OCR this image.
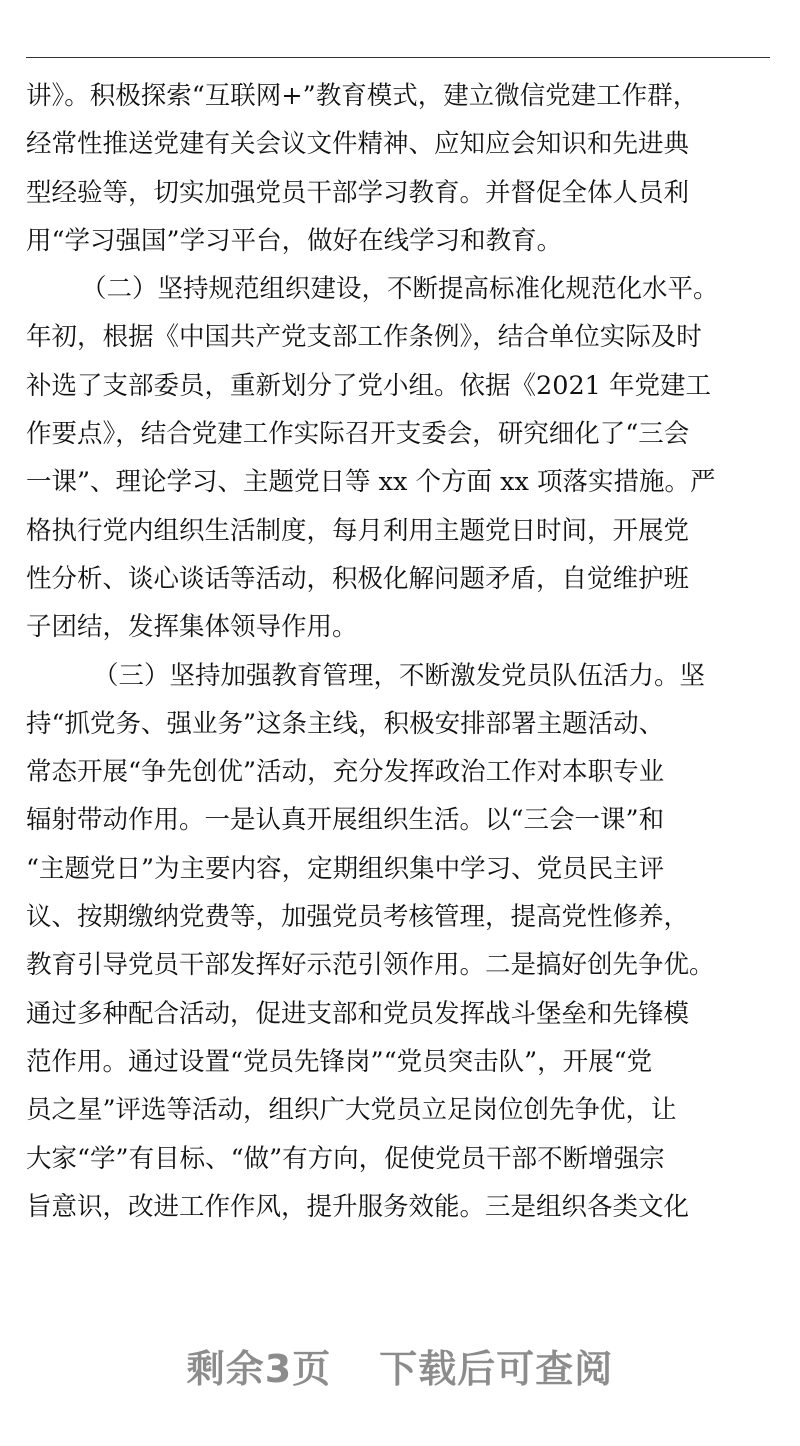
讲》。积极探索“互联网+”教育模式，建立微信党建工作群，
经常性推送党建有关会议文件精神、应知应会知识和先进典
型经验等，切实加强党员干部学习教育。并督促全体人员利
用“学习强国”学习平台，做好在线学习和教育。
（二）坚持规范组织建设，不断提高标准化规范化水平。
年初，根据《中国共产党支部工作条例》，结合单位实际及时
补选了支部委员，重新划分了党小组。依据《2021 年党建工
作要点》，结合党建工作实际召开支委会，研究细化了“三会
一课”、理论学习、主题党日等 xx 个方面 xx 项落实措施。严
格执行党内组织生活制度，每月利用主题党日时间，开展党
性分析、谈心谈话等活动，积极化解问题矛盾，自觉维护班
子团结，发挥集体领导作用。
（三）坚持加强教育管理，不断激发党员队伍活力。坚
持“抓党务、强业务”这条主线，积极安排部署主题活动、
常态开展“争先创优”活动，充分发挥政治工作对本职专业
辐射带动作用。一是认真开展组织生活。以“三会一课”和
“主题党日”为主要内容，定期组织集中学习、党员民主评
议、按期缴纳党费等，加强党员考核管理，提高党性修养，
教育引导党员干部发挥好示范引领作用。二是搞好创先争优。
通过多种配合活动，促进支部和党员发挥战斗堡垒和先锋模
范作用。通过设置“党员先锋岗”“党员突击队”，开展“党
员之星”评选等活动，组织广大党员立足岗位创先争优，让
大家“学”有目标、“做”有方向，促使党员干部不断增强宗
旨意识，改进工作作风，提升服务效能。三是组织各类文化
剩余3页 下载后可查阅
